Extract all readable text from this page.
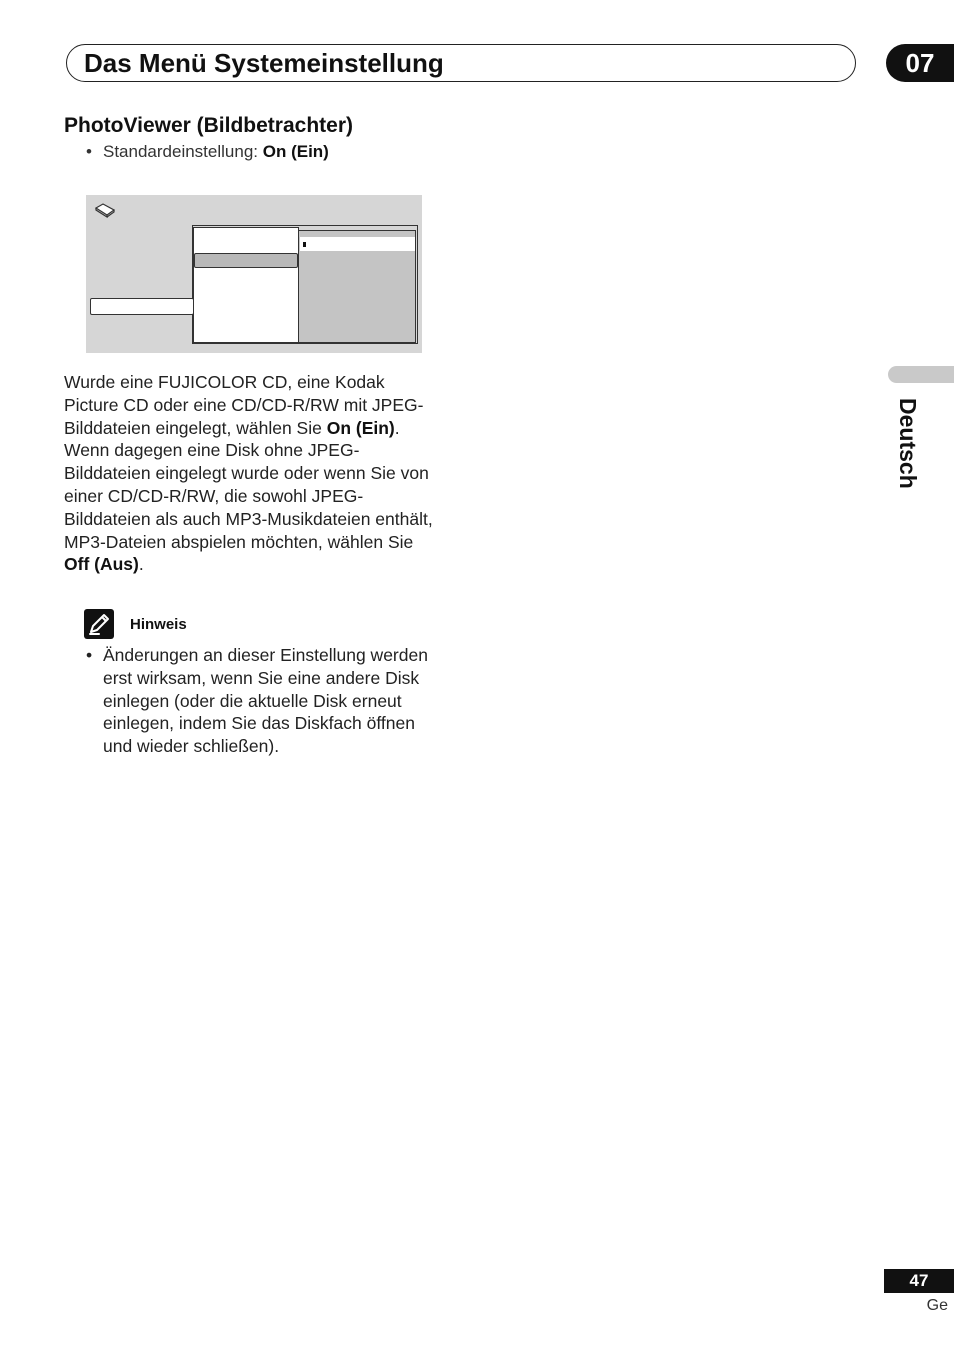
Das Menü Systemeinstellung	07
PhotoViewer (Bildbetrachter)
• Standardeinstellung: On (Ein)
Wurde eine FUJICOLOR CD, eine Kodak Picture CD oder eine CD/CD-R/RW mit JPEG-Bilddateien eingelegt, wählen Sie On (Ein). Wenn dagegen eine Disk ohne JPEG-Bilddateien eingelegt wurde oder wenn Sie von einer CD/CD-R/RW, die sowohl JPEG-Bilddateien als auch MP3-Musikdateien enthält, MP3-Dateien abspielen möchten, wählen Sie Off (Aus).
Hinweis
• Änderungen an dieser Einstellung werden erst wirksam, wenn Sie eine andere Disk einlegen (oder die aktuelle Disk erneut einlegen, indem Sie das Diskfach öffnen und wieder schließen).
Deutsch
47
Ge
